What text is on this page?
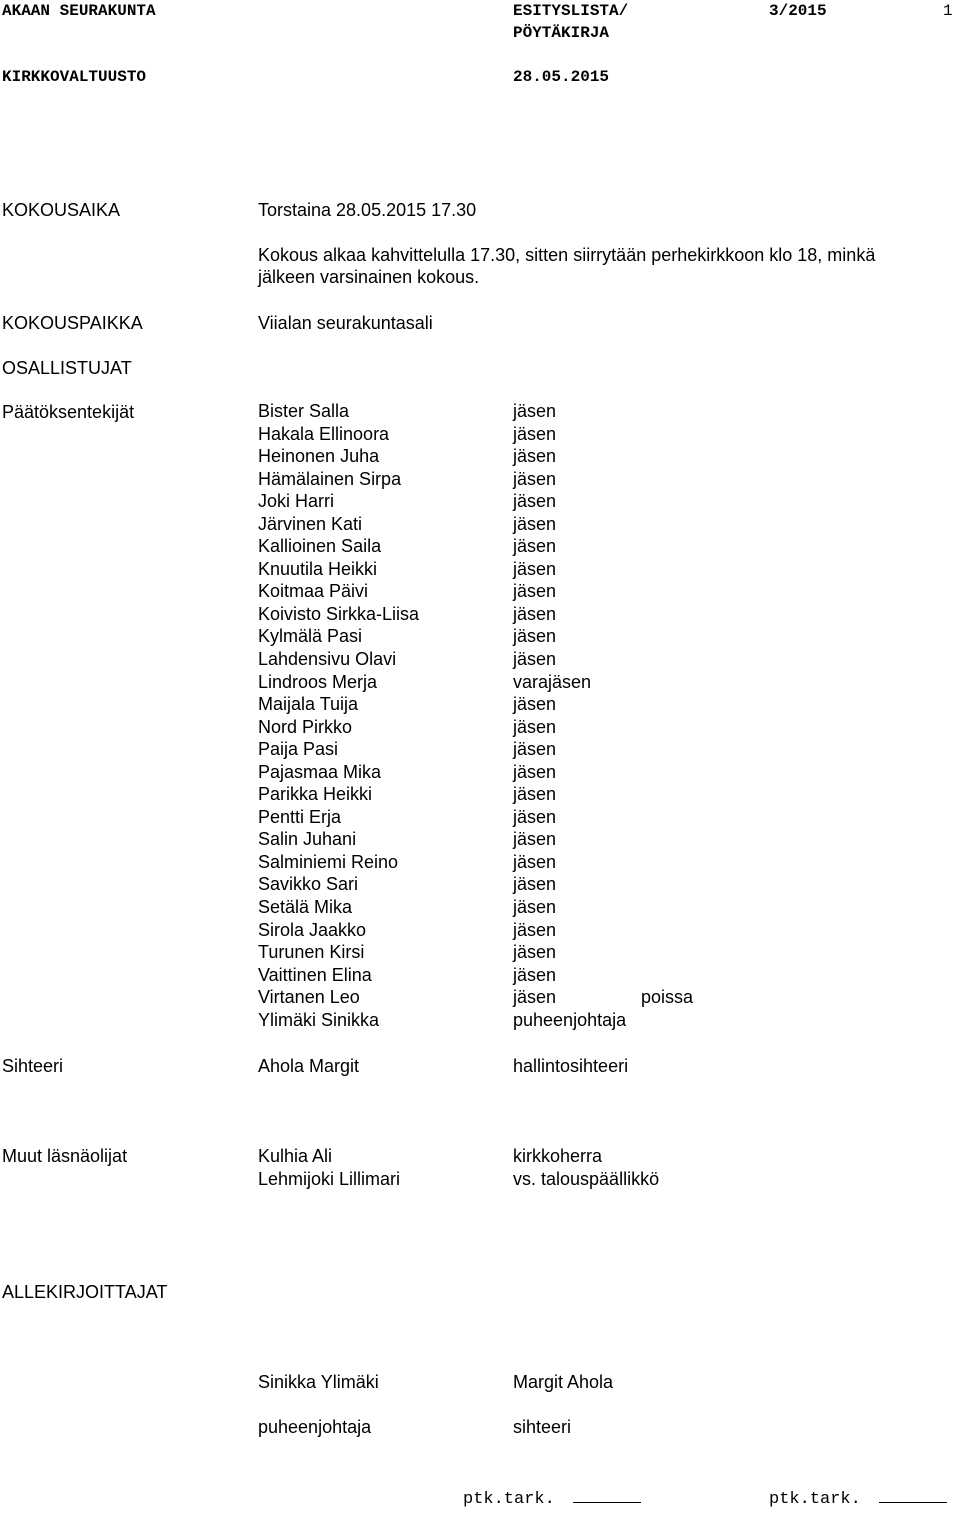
AKAAN SEURAKUNTA	ESITYSLISTA/
PÖYTÄKIRJA
3/2015	1
KIRKKOVALTUUSTO	28.05.2015
KOKOUSAIKA	Torstaina 28.05.2015 17.30
Kokous alkaa kahvittelulla 17.30, sitten siirrytään perhekirkkoon klo 18, minkä
jälkeen varsinainen kokous.
KOKOUSPAIKKA	Viialan seurakuntasali
OSALLISTUJAT
Päätöksentekijät	Bister Salla	jäsen
Hakala Ellinoora	jäsen
Heinonen Juha	jäsen
Hämälainen Sirpa	jäsen
Joki Harri	jäsen
Järvinen Kati	jäsen
Kallioinen Saila	jäsen
Knuutila Heikki	jäsen
Koitmaa Päivi	jäsen
Koivisto Sirkka-Liisa	jäsen
Kylmälä Pasi	jäsen
Lahdensivu Olavi	jäsen
Lindroos Merja	varajäsen
Maijala Tuija	jäsen
Nord Pirkko	jäsen
Paija Pasi	jäsen
Pajasmaa Mika	jäsen
Parikka Heikki	jäsen
Pentti Erja	jäsen
Salin Juhani	jäsen
Salminiemi Reino	jäsen
Savikko Sari	jäsen
Setälä Mika	jäsen
Sirola Jaakko	jäsen
Turunen Kirsi	jäsen
Vaittinen Elina	jäsen
Virtanen Leo	jäsen	poissa
Ylimäki Sinikka	puheenjohtaja
Sihteeri	Ahola Margit	hallintosihteeri
Muut läsnäolijat	Kulhia Ali	kirkkoherra
Lehmijoki Lillimari	vs. talouspäällikkö
ALLEKIRJOITTAJAT
Sinikka Ylimäki	Margit Ahola
puheenjohtaja	sihteeri
ptk.tark.	ptk.tark.
